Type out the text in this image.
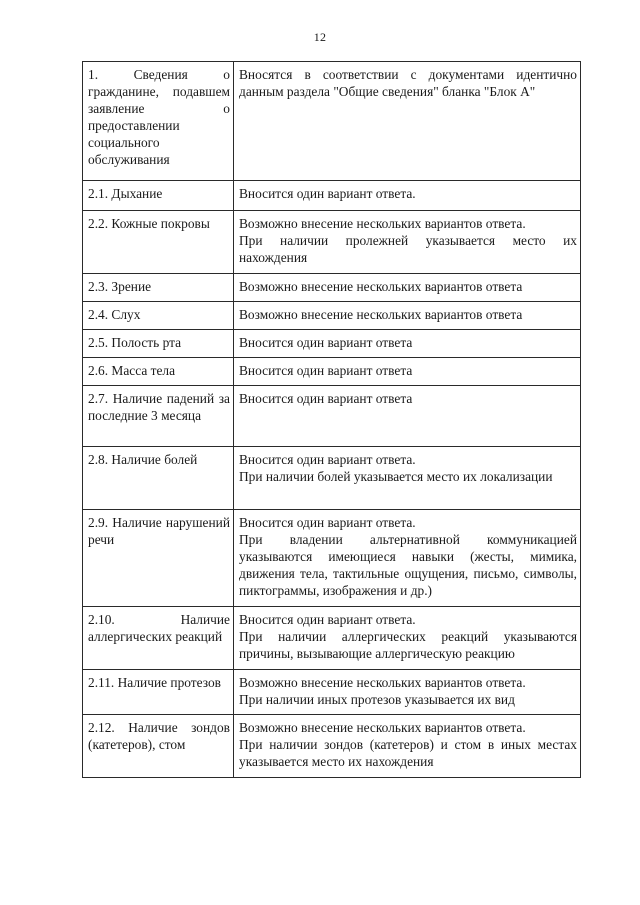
12
1. Сведения о гражданине, подавшем заявление о предоставлении социального обслуживания	Вносятся в соответствии с документами идентично данным раздела "Общие сведения" бланка "Блок А"

2.1. Дыхание	Вносится один вариант ответа.

2.2. Кожные покровы	Возможно внесение нескольких вариантов ответа.
При наличии пролежней указывается место их нахождения

2.3. Зрение	Возможно внесение нескольких вариантов ответа

2.4. Слух	Возможно внесение нескольких вариантов ответа

2.5. Полость рта	Вносится один вариант ответа

2.6. Масса тела	Вносится один вариант ответа

2.7. Наличие падений за последние 3 месяца	Вносится один вариант ответа

2.8. Наличие болей	Вносится один вариант ответа.
При наличии болей указывается место их локализации

2.9. Наличие нарушений речи	Вносится один вариант ответа.
При владении альтернативной коммуникацией указываются имеющиеся навыки (жесты, мимика, движения тела, тактильные ощущения, письмо, символы, пиктограммы, изображения и др.)

2.10. Наличие аллергических реакций	Вносится один вариант ответа.
При наличии аллергических реакций указываются причины, вызывающие аллергическую реакцию

2.11. Наличие протезов	Возможно внесение нескольких вариантов ответа.
При наличии иных протезов указывается их вид

2.12. Наличие зондов (катетеров), стом	Возможно внесение нескольких вариантов ответа.
При наличии зондов (катетеров) и стом в иных местах указывается место их нахождения
